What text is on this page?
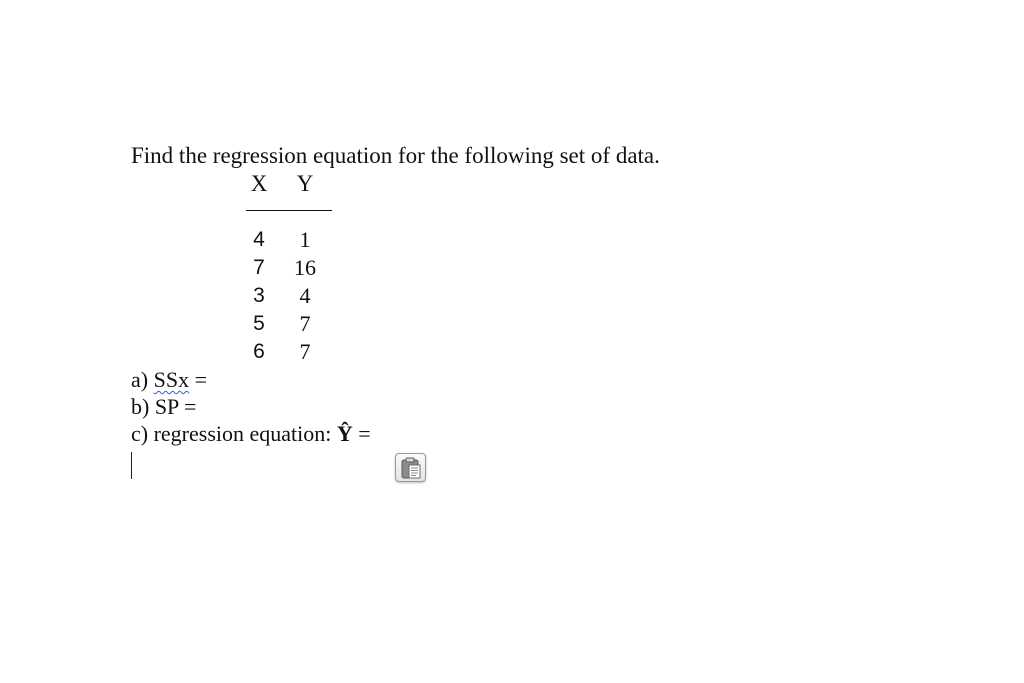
Find the regression equation for the following set of data.
X Y
4	1
7	16
3	4
5	7
6	7
a) SSx =
b) SP =
c) regression equation: Ŷ =
